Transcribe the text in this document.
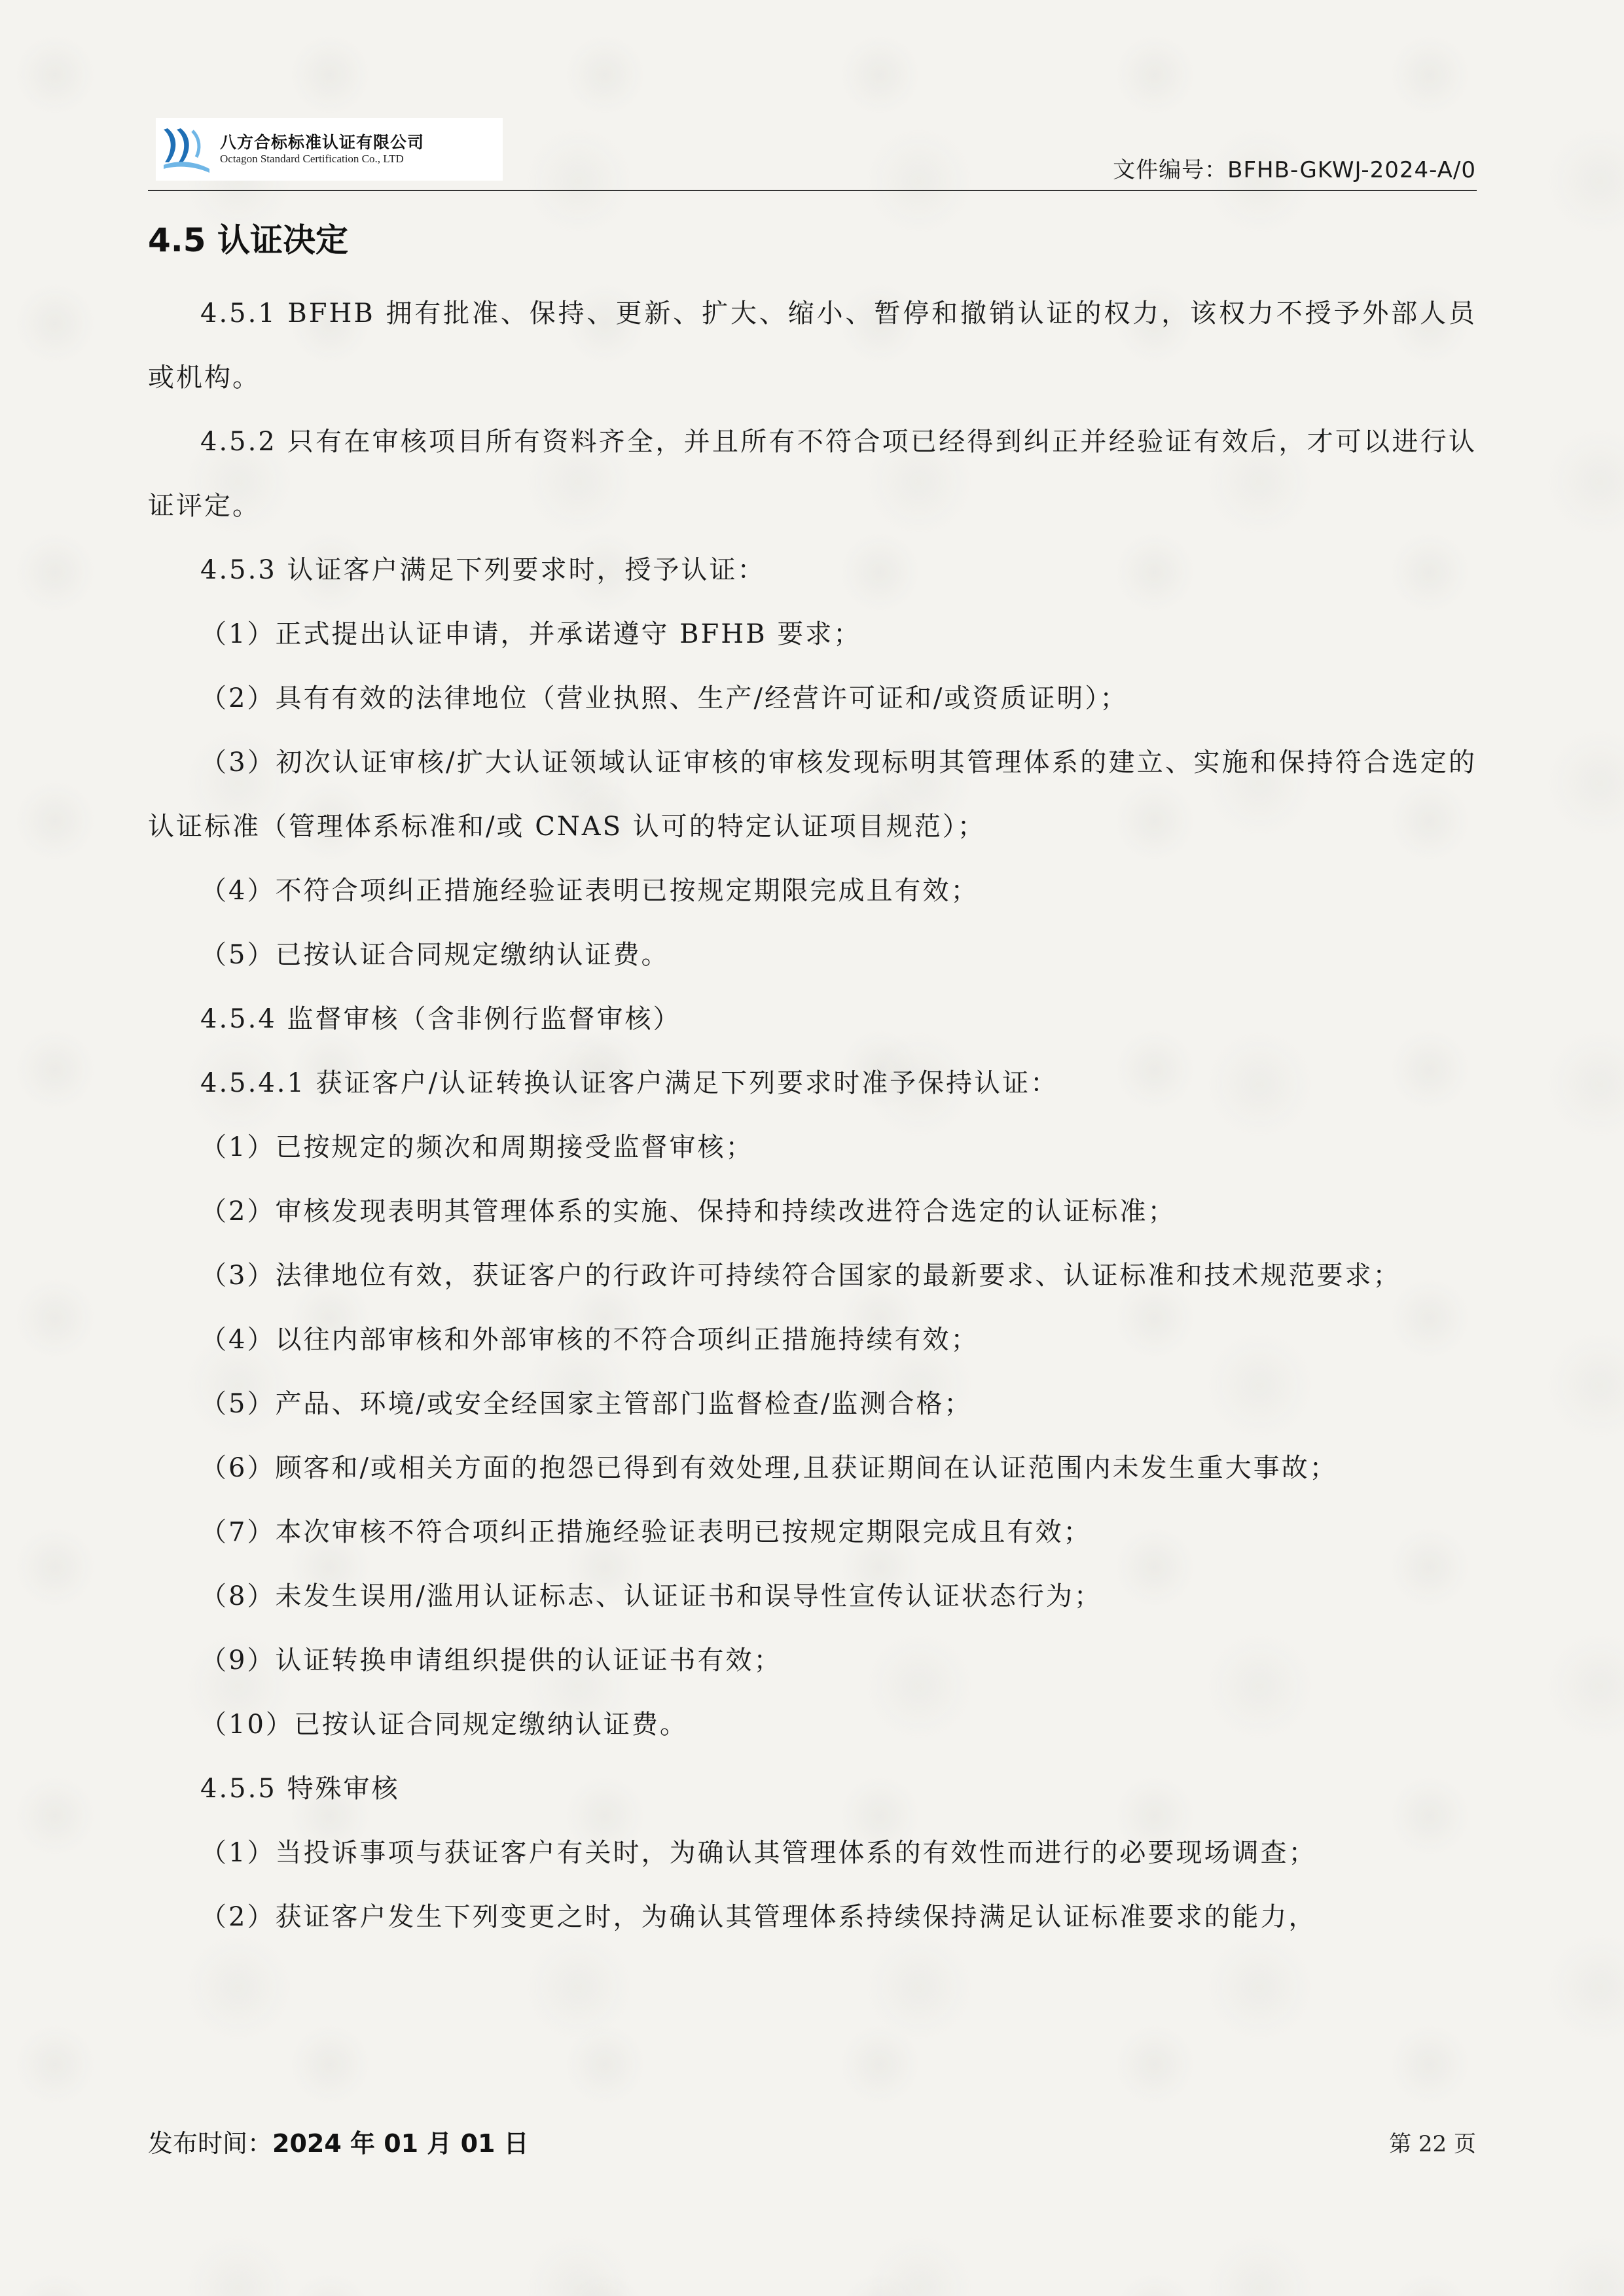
八方合标标准认证有限公司
Octagon Standard Certification Co., LTD	文件编号：BFHB-GKWJ-2024-A/0
4.5 认证决定

4.5.1 BFHB 拥有批准、保持、更新、扩大、缩小、暂停和撤销认证的权力，该权力不授予外部人员或机构。

4.5.2 只有在审核项目所有资料齐全，并且所有不符合项已经得到纠正并经验证有效后，才可以进行认证评定。

4.5.3 认证客户满足下列要求时，授予认证：

（1）正式提出认证申请，并承诺遵守 BFHB 要求；

（2）具有有效的法律地位（营业执照、生产/经营许可证和/或资质证明）；

（3）初次认证审核/扩大认证领域认证审核的审核发现标明其管理体系的建立、实施和保持符合选定的认证标准（管理体系标准和/或 CNAS 认可的特定认证项目规范）；

（4）不符合项纠正措施经验证表明已按规定期限完成且有效；

（5）已按认证合同规定缴纳认证费。

4.5.4 监督审核（含非例行监督审核）

4.5.4.1 获证客户/认证转换认证客户满足下列要求时准予保持认证：

（1）已按规定的频次和周期接受监督审核；

（2）审核发现表明其管理体系的实施、保持和持续改进符合选定的认证标准；

（3）法律地位有效，获证客户的行政许可持续符合国家的最新要求、认证标准和技术规范要求；

（4）以往内部审核和外部审核的不符合项纠正措施持续有效；

（5）产品、环境/或安全经国家主管部门监督检查/监测合格；

（6）顾客和/或相关方面的抱怨已得到有效处理,且获证期间在认证范围内未发生重大事故；

（7）本次审核不符合项纠正措施经验证表明已按规定期限完成且有效；

（8）未发生误用/滥用认证标志、认证证书和误导性宣传认证状态行为；

（9）认证转换申请组织提供的认证证书有效；

（10）已按认证合同规定缴纳认证费。

4.5.5 特殊审核

（1）当投诉事项与获证客户有关时，为确认其管理体系的有效性而进行的必要现场调查；

（2）获证客户发生下列变更之时，为确认其管理体系持续保持满足认证标准要求的能力，

发布时间：2024 年 01 月 01 日	第 22 页
